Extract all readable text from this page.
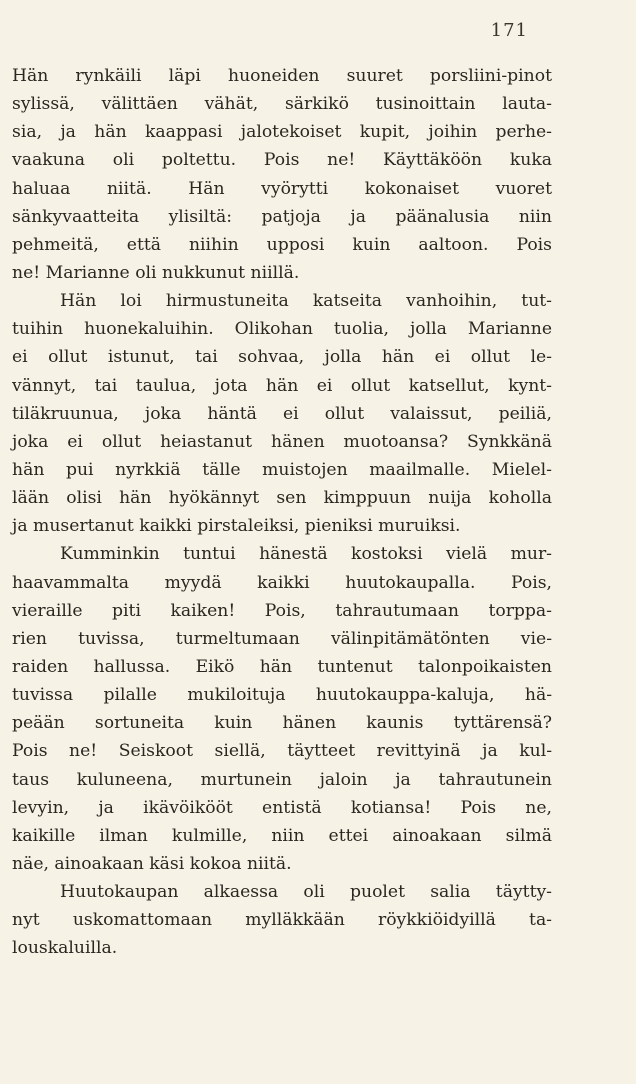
171
Hän rynkäili läpi huoneiden suuret porsliini-pinot
sylissä, välittäen vähät, särkikö tusinoittain lauta-
sia, ja hän kaappasi jalotekoiset kupit, joihin perhe-
vaakuna oli poltettu. Pois ne! Käyttäköön kuka
haluaa niitä. Hän vyörytti kokonaiset vuoret
sänkyvaatteita ylisiltä: patjoja ja päänalusia niin
pehmeitä, että niihin upposi kuin aaltoon. Pois
ne! Marianne oli nukkunut niillä.
Hän loi hirmustuneita katseita vanhoihin, tut-
tuihin huonekaluihin. Olikohan tuolia, jolla Marianne
ei ollut istunut, tai sohvaa, jolla hän ei ollut le-
vännyt, tai taulua, jota hän ei ollut katsellut, kynt-
tiläkruunua, joka häntä ei ollut valaissut, peiliä,
joka ei ollut heiastanut hänen muotoansa? Synkkänä
hän pui nyrkkiä tälle muistojen maailmalle. Mielel-
lään olisi hän hyökännyt sen kimppuun nuija koholla
ja musertanut kaikki pirstaleiksi, pieniksi muruiksi.
Kumminkin tuntui hänestä kostoksi vielä mur-
haavammalta myydä kaikki huutokaupalla. Pois,
vieraille piti kaiken! Pois, tahrautumaan torppa-
rien tuvissa, turmeltumaan välinpitämätönten vie-
raiden hallussa. Eikö hän tuntenut talonpoikaisten
tuvissa pilalle mukiloituja huutokauppa-kaluja, hä-
peään sortuneita kuin hänen kaunis tyttärensä?
Pois ne! Seiskoot siellä, täytteet revittyinä ja kul-
taus kuluneena, murtunein jaloin ja tahrautunein
levyin, ja ikävöikööt entistä kotiansa! Pois ne,
kaikille ilman kulmille, niin ettei ainoakaan silmä
näe, ainoakaan käsi kokoa niitä.
Huutokaupan alkaessa oli puolet salia täytty-
nyt uskomattomaan mylläkkään röykkiöidyillä ta-
louskaluilla.
